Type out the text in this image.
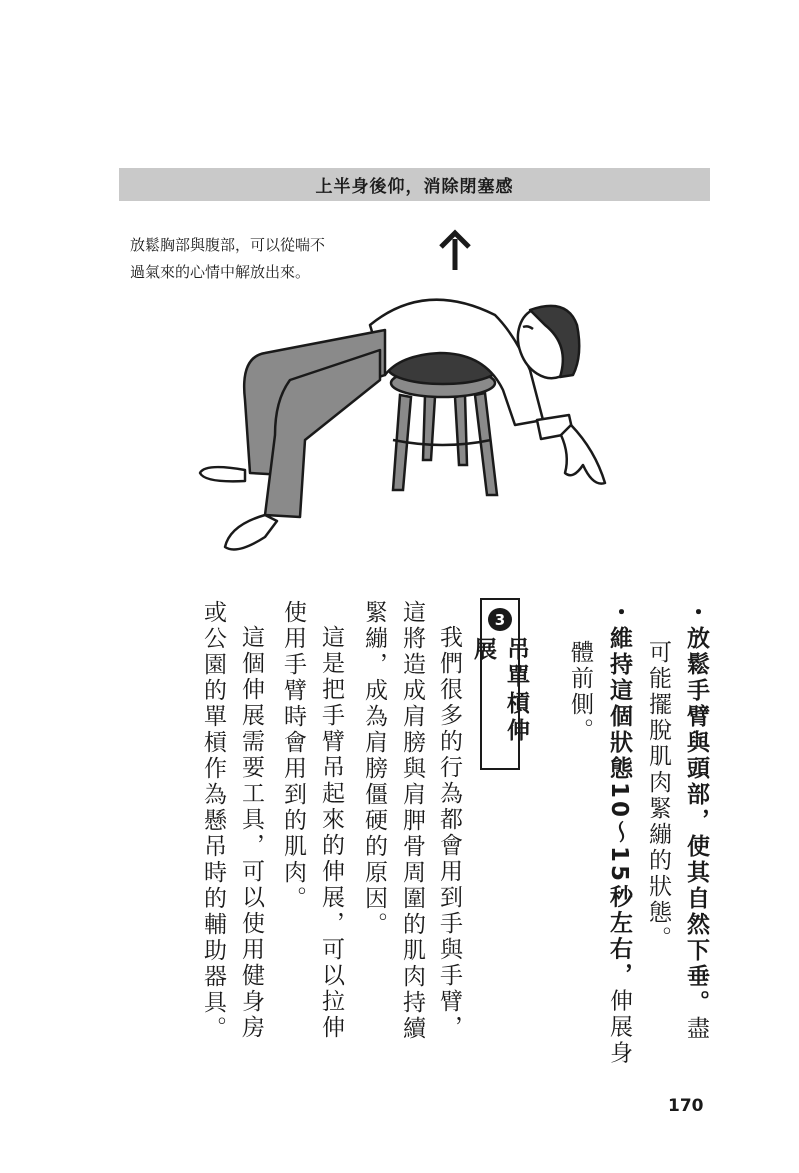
上半身後仰，消除閉塞感
放鬆胸部與腹部，可以從喘不
過氣來的心情中解放出來。
・放鬆手臂與頭部，使其自然下垂。盡
可能擺脫肌肉緊繃的狀態。
・維持這個狀態10～15秒左右，伸展身
體前側。
3
吊單槓伸展
我們很多的行為都會用到手與手臂，
這將造成肩膀與肩胛骨周圍的肌肉持續
緊繃，成為肩膀僵硬的原因。
這是把手臂吊起來的伸展，可以拉伸
使用手臂時會用到的肌肉。
這個伸展需要工具，可以使用健身房
或公園的單槓作為懸吊時的輔助器具。
170
